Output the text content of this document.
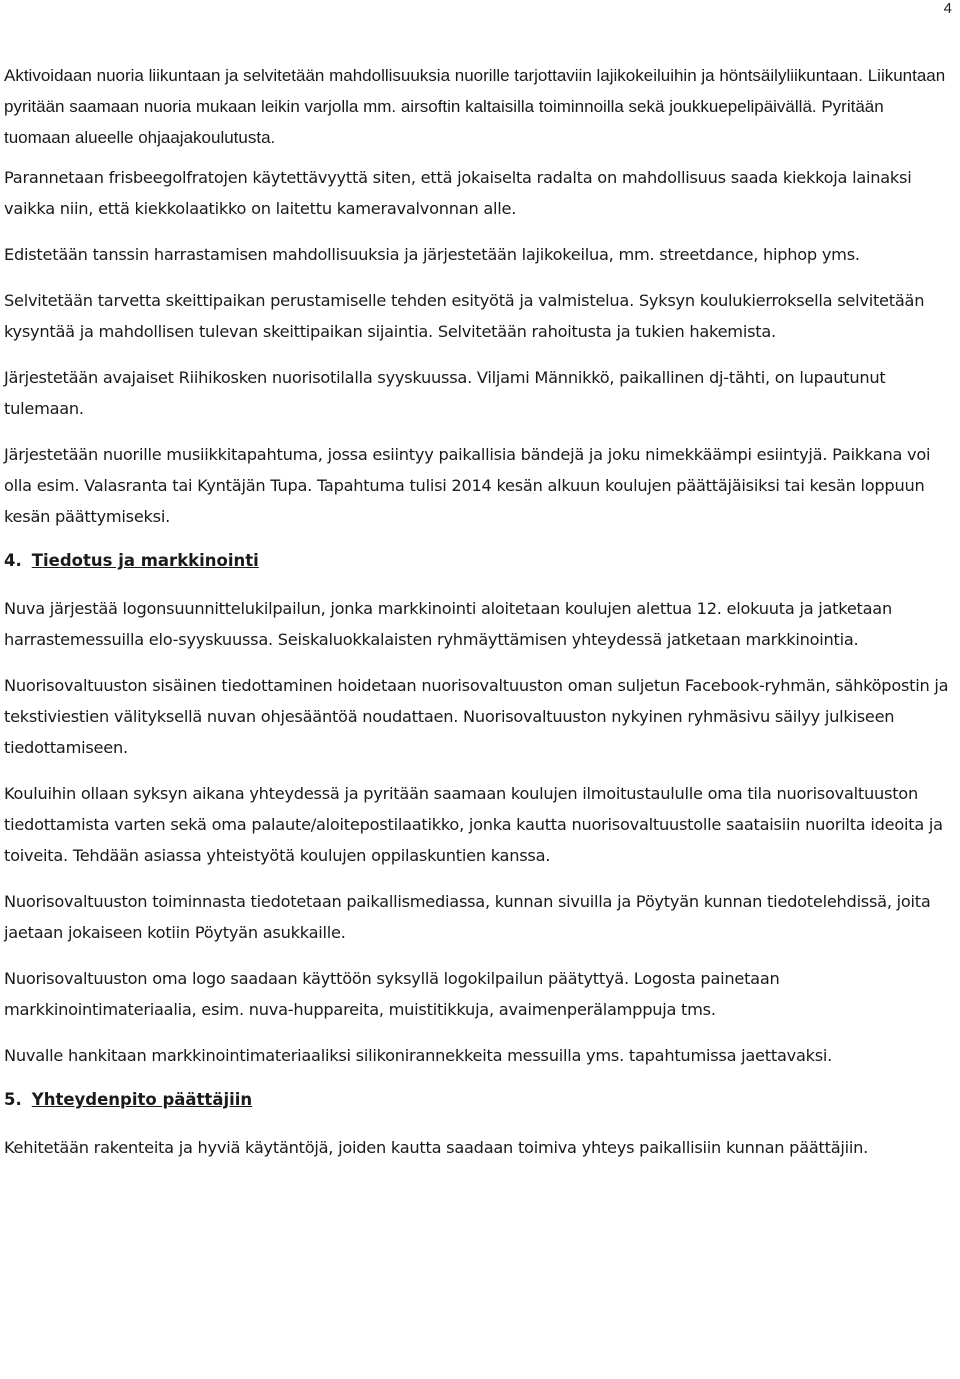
4

Aktivoidaan nuoria liikuntaan ja selvitetään mahdollisuuksia nuorille tarjottaviin lajikokeiluihin ja höntsäilyliikuntaan. Liikuntaan pyritään saamaan nuoria mukaan leikin varjolla mm. airsoftin kaltaisilla toiminnoilla sekä joukkuepelipäivällä. Pyritään tuomaan alueelle ohjaajakoulutusta.

Parannetaan frisbeegolfratojen käytettävyyttä siten, että jokaiselta radalta on mahdollisuus saada kiekkoja lainaksi vaikka niin, että kiekkolaatikko on laitettu kameravalvonnan alle.

Edistetään tanssin harrastamisen mahdollisuuksia ja järjestetään lajikokeilua, mm. streetdance, hiphop yms.

Selvitetään tarvetta skeittipaikan perustamiselle tehden esityötä ja valmistelua. Syksyn koulukierroksella selvitetään kysyntää ja mahdollisen tulevan skeittipaikan sijaintia. Selvitetään rahoitusta ja tukien hakemista.

Järjestetään avajaiset Riihikosken nuorisotilalla syyskuussa. Viljami Männikkö, paikallinen dj-tähti, on lupautunut tulemaan.

Järjestetään nuorille musiikkitapahtuma, jossa esiintyy paikallisia bändejä ja joku nimekkäämpi esiintyjä. Paikkana voi olla esim. Valasranta tai Kyntäjän Tupa. Tapahtuma tulisi 2014 kesän alkuun koulujen päättäjäisiksi tai kesän loppuun kesän päättymiseksi.

4. Tiedotus ja markkinointi

Nuva järjestää logonsuunnittelukilpailun, jonka markkinointi aloitetaan koulujen alettua 12. elokuuta ja jatketaan harrastemessuilla elo-syyskuussa. Seiskaluokkalaisten ryhmäyttämisen yhteydessä jatketaan markkinointia.

Nuorisovaltuuston sisäinen tiedottaminen hoidetaan nuorisovaltuuston oman suljetun Facebook-ryhmän, sähköpostin ja tekstiviestien välityksellä nuvan ohjesääntöä noudattaen. Nuorisovaltuuston nykyinen ryhmäsivu säilyy julkiseen tiedottamiseen.

Kouluihin ollaan syksyn aikana yhteydessä ja pyritään saamaan koulujen ilmoitustaululle oma tila nuorisovaltuuston tiedottamista varten sekä oma palaute/aloitepostilaatikko, jonka kautta nuorisovaltuustolle saataisiin nuorilta ideoita ja toiveita. Tehdään asiassa yhteistyötä koulujen oppilaskuntien kanssa.

Nuorisovaltuuston toiminnasta tiedotetaan paikallismediassa, kunnan sivuilla ja Pöytyän kunnan tiedotelehdissä, joita jaetaan jokaiseen kotiin Pöytyän asukkaille.

Nuorisovaltuuston oma logo saadaan käyttöön syksyllä logokilpailun päätyttyä. Logosta painetaan markkinointimateriaalia, esim. nuva-huppareita, muistitikkuja, avaimenperälamppuja tms.

Nuvalle hankitaan markkinointimateriaaliksi silikonirannekkeita messuilla yms. tapahtumissa jaettavaksi.

5. Yhteydenpito päättäjiin

Kehitetään rakenteita ja hyviä käytäntöjä, joiden kautta saadaan toimiva yhteys paikallisiin kunnan päättäjiin.
